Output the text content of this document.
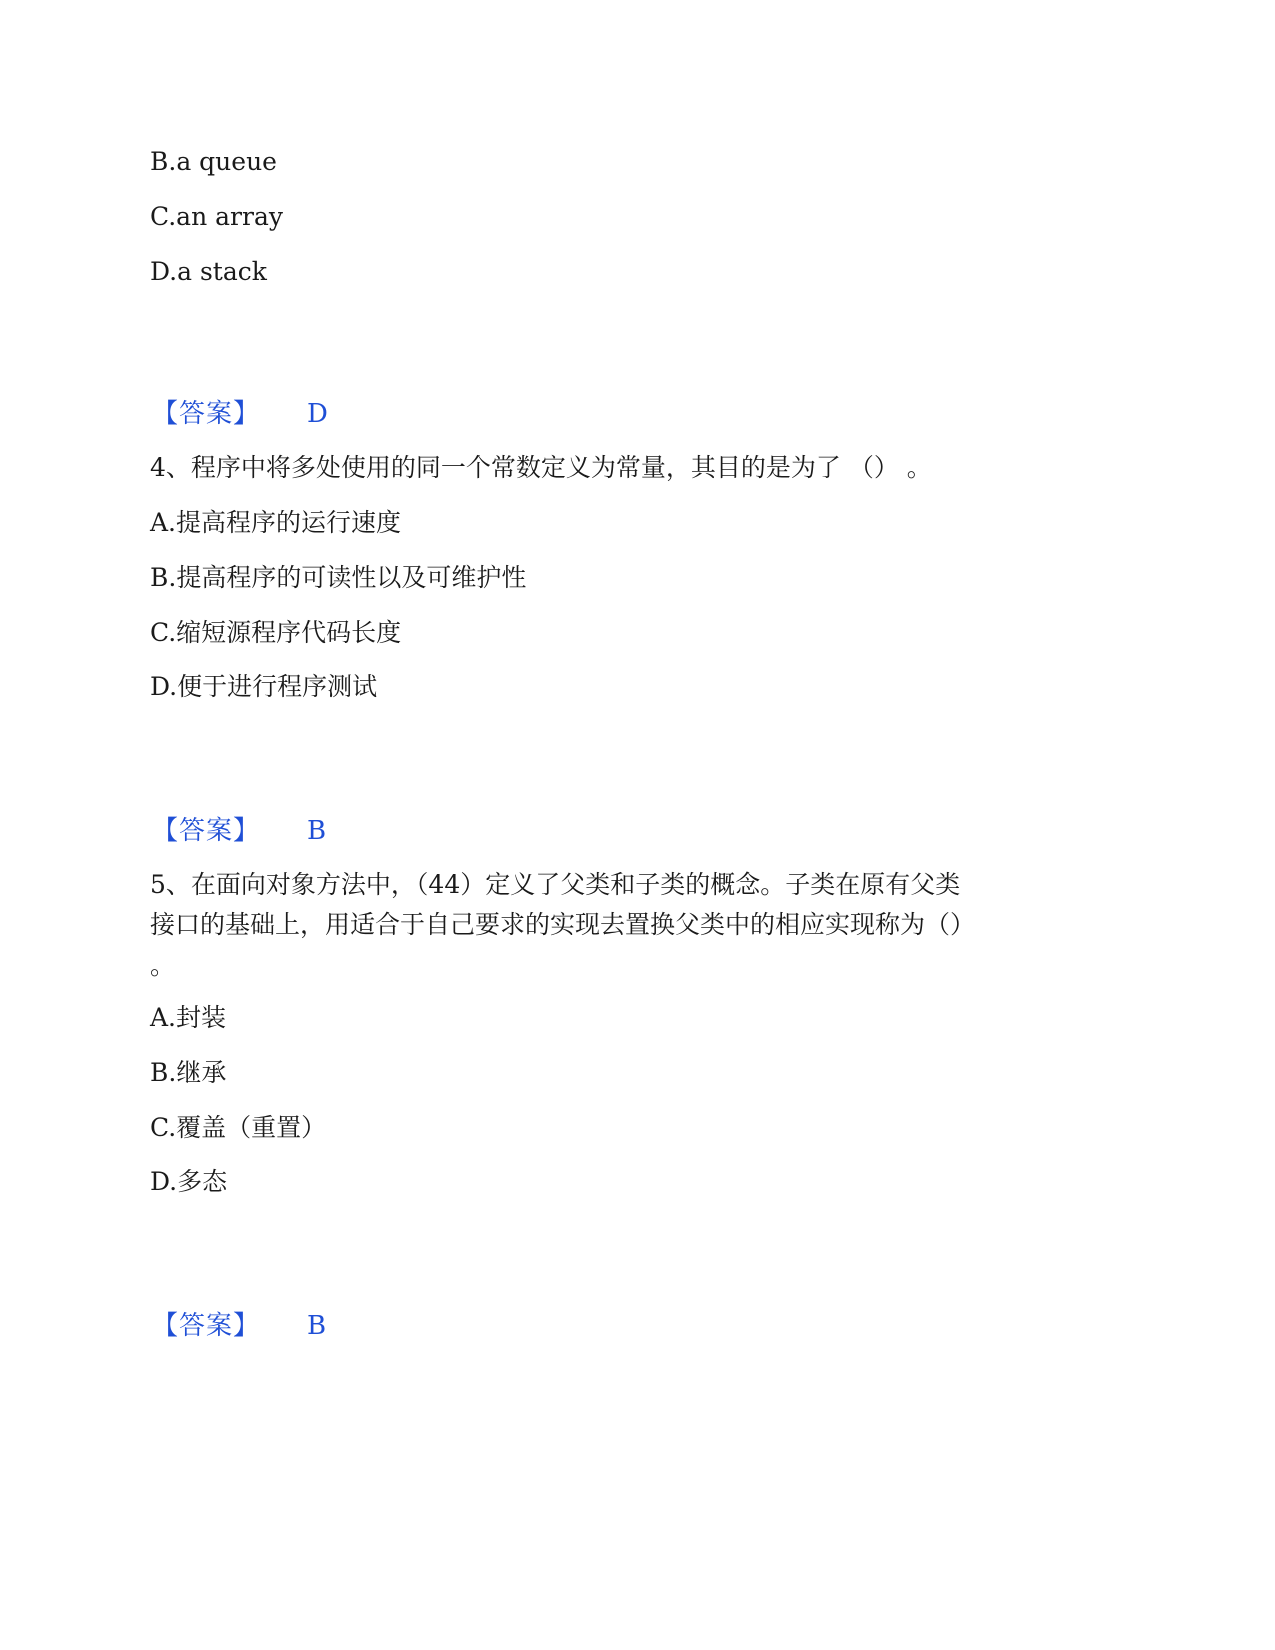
B.a queue
C.an array
D.a stack
【答案】 D
4、程序中将多处使用的同一个常数定义为常量，其目的是为了 （） 。
A.提高程序的运行速度
B.提高程序的可读性以及可维护性
C.缩短源程序代码长度
D.便于进行程序测试
【答案】 B
5、在面向对象方法中，（44）定义了父类和子类的概念。子类在原有父类
接口的基础上，用适合于自己要求的实现去置换父类中的相应实现称为（）
。
A.封装
B.继承
C.覆盖（重置）
D.多态
【答案】 B
